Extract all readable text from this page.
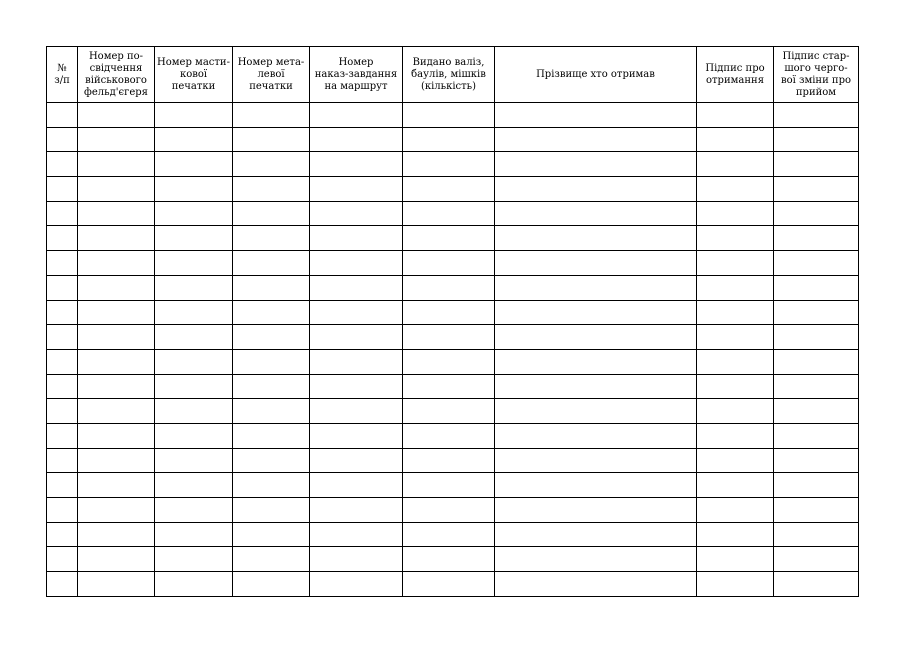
№
з/п	Номер по-
свідчення
військового
фельд'єгеря	Номер масти-
кової печатки	Номер мета-
левої печатки	Номер
наказ-завдання
на маршрут	Видано валіз,
баулів, мішків
(кількість)	Прізвище хто отримав	Підпис про
отримання	Підпис стар-
шого черго-
вої зміни про
прийом
